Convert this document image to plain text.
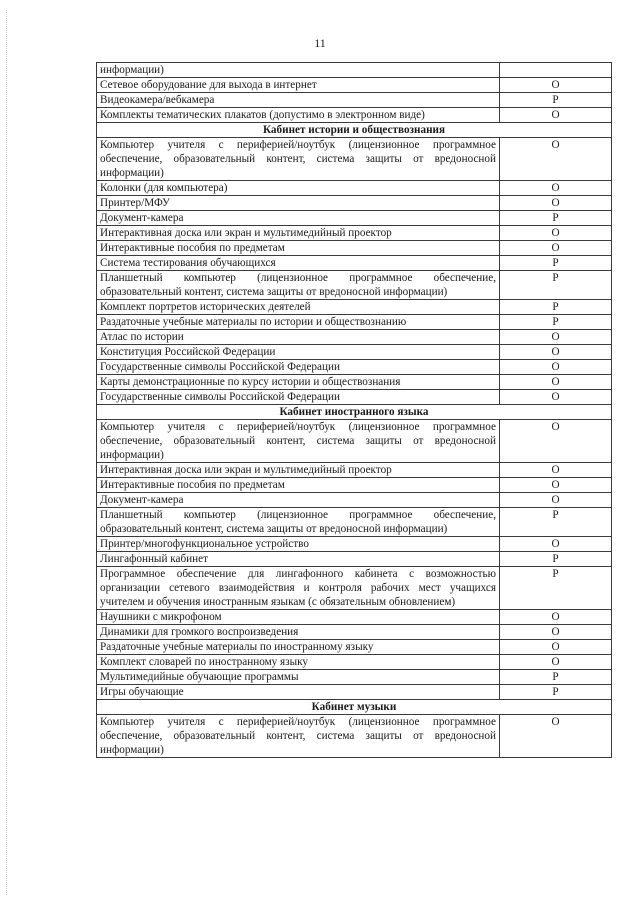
11
информации)	
Сетевое оборудование для выхода в интернет	О
Видеокамера/вебкамера	Р
Комплекты тематических плакатов (допустимо в электронном виде)	О
Кабинет истории и обществознания	
Компьютер учителя с периферией/ноутбук (лицензионное программное обеспечение, образовательный контент, система защиты от вредоносной информации)	О
Колонки (для компьютера)	О
Принтер/МФУ	О
Документ-камера	Р
Интерактивная доска или экран и мультимедийный проектор	О
Интерактивные пособия по предметам	О
Система тестирования обучающихся	Р
Планшетный компьютер (лицензионное программное обеспечение, образовательный контент, система защиты от вредоносной информации)	Р
Комплект портретов исторических деятелей	Р
Раздаточные учебные материалы по истории и обществознанию	Р
Атлас по истории	О
Конституция Российской Федерации	О
Государственные символы Российской Федерации	О
Карты демонстрационные по курсу истории и обществознания	О
Государственные символы Российской Федерации	О
Кабинет иностранного языка	
Компьютер учителя с периферией/ноутбук (лицензионное программное обеспечение, образовательный контент, система защиты от вредоносной информации)	О
Интерактивная доска или экран и мультимедийный проектор	О
Интерактивные пособия по предметам	О
Документ-камера	О
Планшетный компьютер (лицензионное программное обеспечение, образовательный контент, система защиты от вредоносной информации)	Р
Принтер/многофункциональное устройство	О
Лингафонный кабинет	Р
Программное обеспечение для лингафонного кабинета с возможностью организации сетевого взаимодействия и контроля рабочих мест учащихся учителем и обучения иностранным языкам (с обязательным обновлением)	Р
Наушники с микрофоном	О
Динамики для громкого воспроизведения	О
Раздаточные учебные материалы по иностранному языку	О
Комплект словарей по иностранному языку	О
Мультимедийные обучающие программы	Р
Игры обучающие	Р
Кабинет музыки	
Компьютер учителя с периферией/ноутбук (лицензионное программное обеспечение, образовательный контент, система защиты от вредоносной информации)	О
